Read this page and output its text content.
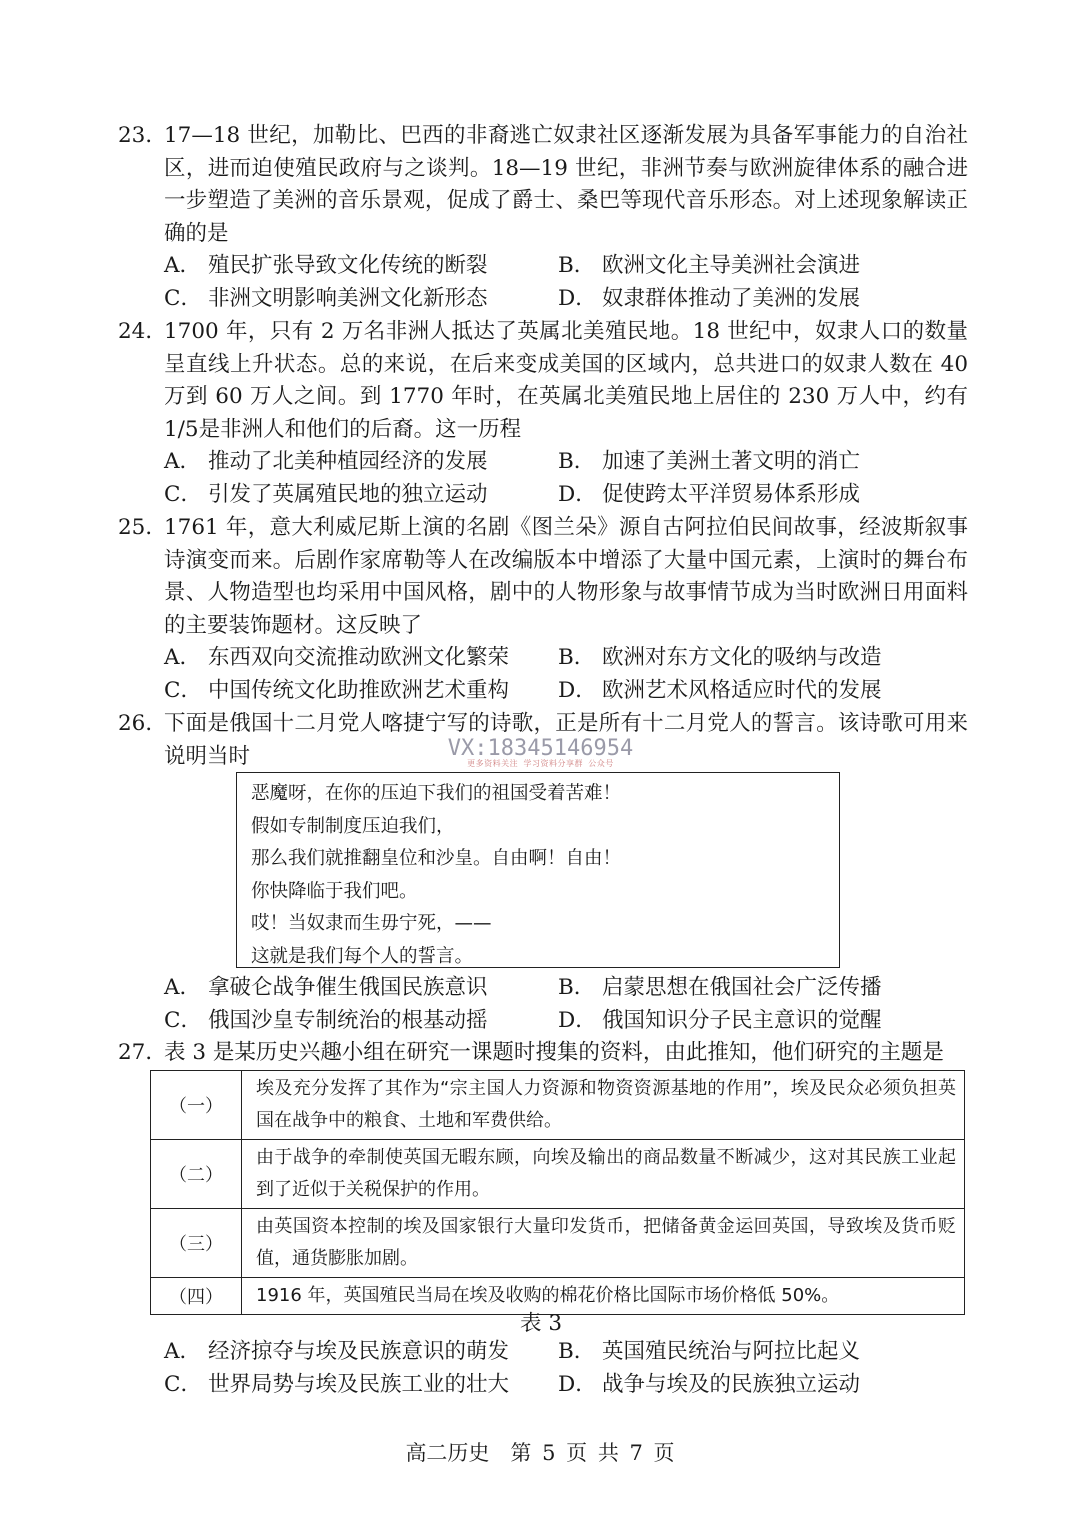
23．
17—18 世纪，加勒比、巴西的非裔逃亡奴隶社区逐渐发展为具备军事能力的自治社区，进而迫使殖民政府与之谈判。18—19 世纪，非洲节奏与欧洲旋律体系的融合进一步塑造了美洲的音乐景观，促成了爵士、桑巴等现代音乐形态。对上述现象解读正确的是
A． 殖民扩张导致文化传统的断裂	B． 欧洲文化主导美洲社会演进
C． 非洲文明影响美洲文化新形态	D． 奴隶群体推动了美洲的发展
24．
1700 年，只有 2 万名非洲人抵达了英属北美殖民地。18 世纪中，奴隶人口的数量呈直线上升状态。总的来说，在后来变成美国的区域内，总共进口的奴隶人数在 40 万到 60 万人之间。到 1770 年时，在英属北美殖民地上居住的 230 万人中，约有 1/5是非洲人和他们的后裔。这一历程
A． 推动了北美种植园经济的发展	B． 加速了美洲土著文明的消亡
C． 引发了英属殖民地的独立运动	D． 促使跨太平洋贸易体系形成
25．
1761 年，意大利威尼斯上演的名剧《图兰朵》源自古阿拉伯民间故事，经波斯叙事诗演变而来。后剧作家席勒等人在改编版本中增添了大量中国元素，上演时的舞台布景、人物造型也均采用中国风格，剧中的人物形象与故事情节成为当时欧洲日用面料的主要装饰题材。这反映了
A． 东西双向交流推动欧洲文化繁荣 B． 欧洲对东方文化的吸纳与改造
C． 中国传统文化助推欧洲艺术重构 D． 欧洲艺术风格适应时代的发展
26．
下面是俄国十二月党人喀捷宁写的诗歌，正是所有十二月党人的誓言。该诗歌可用来说明当时	VX:18345146954
更多资料关注 学习资料分享群 公众号
恶魔呀，在你的压迫下我们的祖国受着苦难！
假如专制制度压迫我们，
那么我们就推翻皇位和沙皇。自由啊！自由！
你快降临于我们吧。
哎！当奴隶而生毋宁死，——
这就是我们每个人的誓言。
A． 拿破仑战争催生俄国民族意识	B． 启蒙思想在俄国社会广泛传播
C． 俄国沙皇专制统治的根基动摇	D． 俄国知识分子民主意识的觉醒
27．
表 3 是某历史兴趣小组在研究一课题时搜集的资料，由此推知，他们研究的主题是
（一）	埃及充分发挥了其作为“宗主国人力资源和物资资源基地的作用”，埃及民众必须负担英国在战争中的粮食、土地和军费供给。
（二）	由于战争的牵制使英国无暇东顾，向埃及输出的商品数量不断减少，这对其民族工业起到了近似于关税保护的作用。
（三）	由英国资本控制的埃及国家银行大量印发货币，把储备黄金运回英国，导致埃及货币贬值，通货膨胀加剧。
（四）	1916 年，英国殖民当局在埃及收购的棉花价格比国际市场价格低 50%。
表 3
A． 经济掠夺与埃及民族意识的萌发 B． 英国殖民统治与阿拉比起义
C． 世界局势与埃及民族工业的壮大 D． 战争与埃及的民族独立运动
高二历史　第 5 页 共 7 页
